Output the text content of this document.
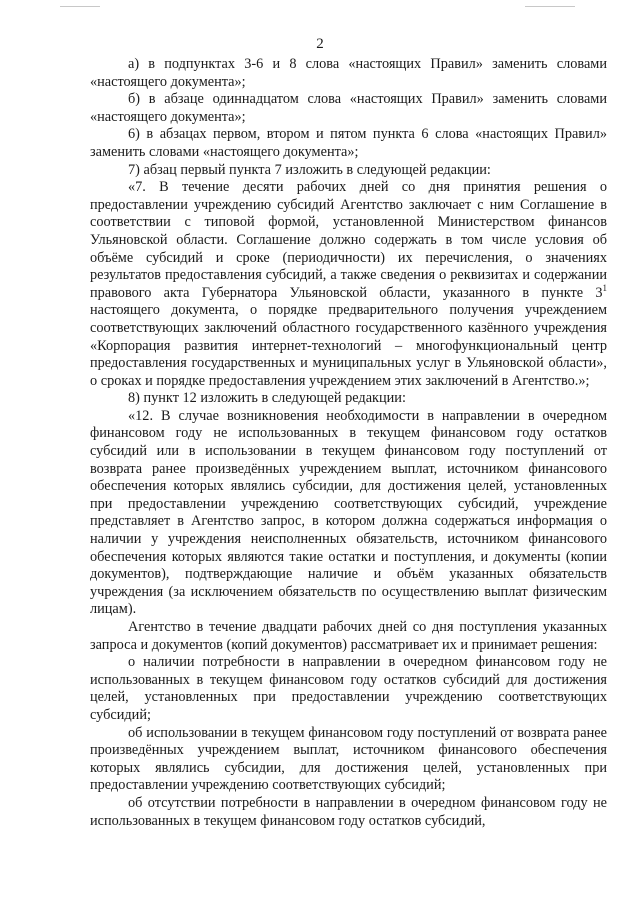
2

а) в подпунктах 3-6 и 8 слова «настоящих Правил» заменить словами «настоящего документа»;

б) в абзаце одиннадцатом слова «настоящих Правил» заменить словами «настоящего документа»;

6) в абзацах первом, втором и пятом пункта 6 слова «настоящих Правил» заменить словами «настоящего документа»;

7) абзац первый пункта 7 изложить в следующей редакции:

«7. В течение десяти рабочих дней со дня принятия решения о предоставлении учреждению субсидий Агентство заключает с ним Соглашение в соответствии с типовой формой, установленной Министерством финансов Ульяновской области. Соглашение должно содержать в том числе условия об объёме субсидий и сроке (периодичности) их перечисления, о значениях результатов предоставления субсидий, а также сведения о реквизитах и содержании правового акта Губернатора Ульяновской области, указанного в пункте $3^1$ настоящего документа, о порядке предварительного получения учреждением соответствующих заключений областного государственного казённого учреждения «Корпорация развития интернет-технологий – многофункциональный центр предоставления государственных и муниципальных услуг в Ульяновской области», о сроках и порядке предоставления учреждением этих заключений в Агентство.»;

8) пункт 12 изложить в следующей редакции:

«12. В случае возникновения необходимости в направлении в очередном финансовом году не использованных в текущем финансовом году остатков субсидий или в использовании в текущем финансовом году поступлений от возврата ранее произведённых учреждением выплат, источником финансового обеспечения которых являлись субсидии, для достижения целей, установленных при предоставлении учреждению соответствующих субсидий, учреждение представляет в Агентство запрос, в котором должна содержаться информация о наличии у учреждения неисполненных обязательств, источником финансового обеспечения которых являются такие остатки и поступления, и документы (копии документов), подтверждающие наличие и объём указанных обязательств учреждения (за исключением обязательств по осуществлению выплат физическим лицам).

Агентство в течение двадцати рабочих дней со дня поступления указанных запроса и документов (копий документов) рассматривает их и принимает решения:

о наличии потребности в направлении в очередном финансовом году не использованных в текущем финансовом году остатков субсидий для достижения целей, установленных при предоставлении учреждению соответствующих субсидий;

об использовании в текущем финансовом году поступлений от возврата ранее произведённых учреждением выплат, источником финансового обеспечения которых являлись субсидии, для достижения целей, установленных при предоставлении учреждению соответствующих субсидий;

об отсутствии потребности в направлении в очередном финансовом году не использованных в текущем финансовом году остатков субсидий,
